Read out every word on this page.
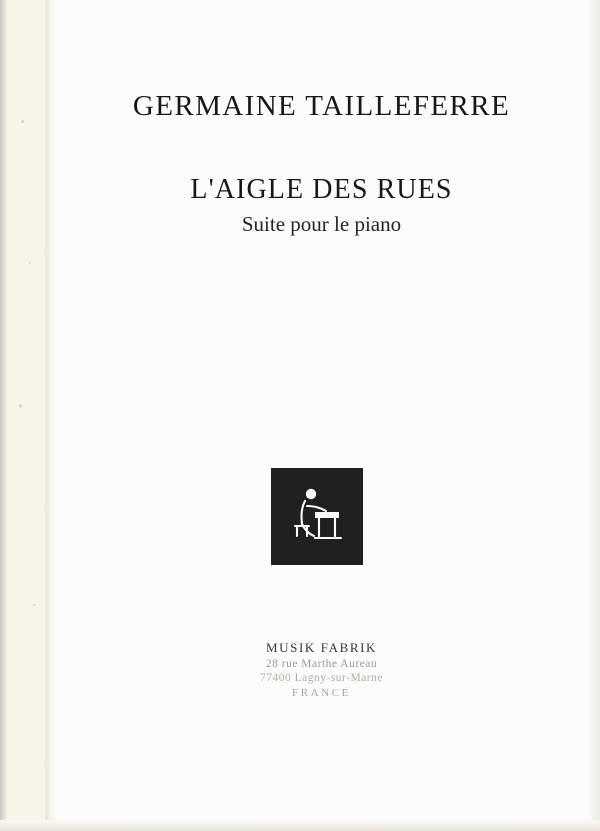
GERMAINE TAILLEFERRE
L'AIGLE DES RUES
Suite pour le piano
MUSIK FABRIK
28 rue Marthe Aureau
77400 Lagny-sur-Marne
FRANCE
